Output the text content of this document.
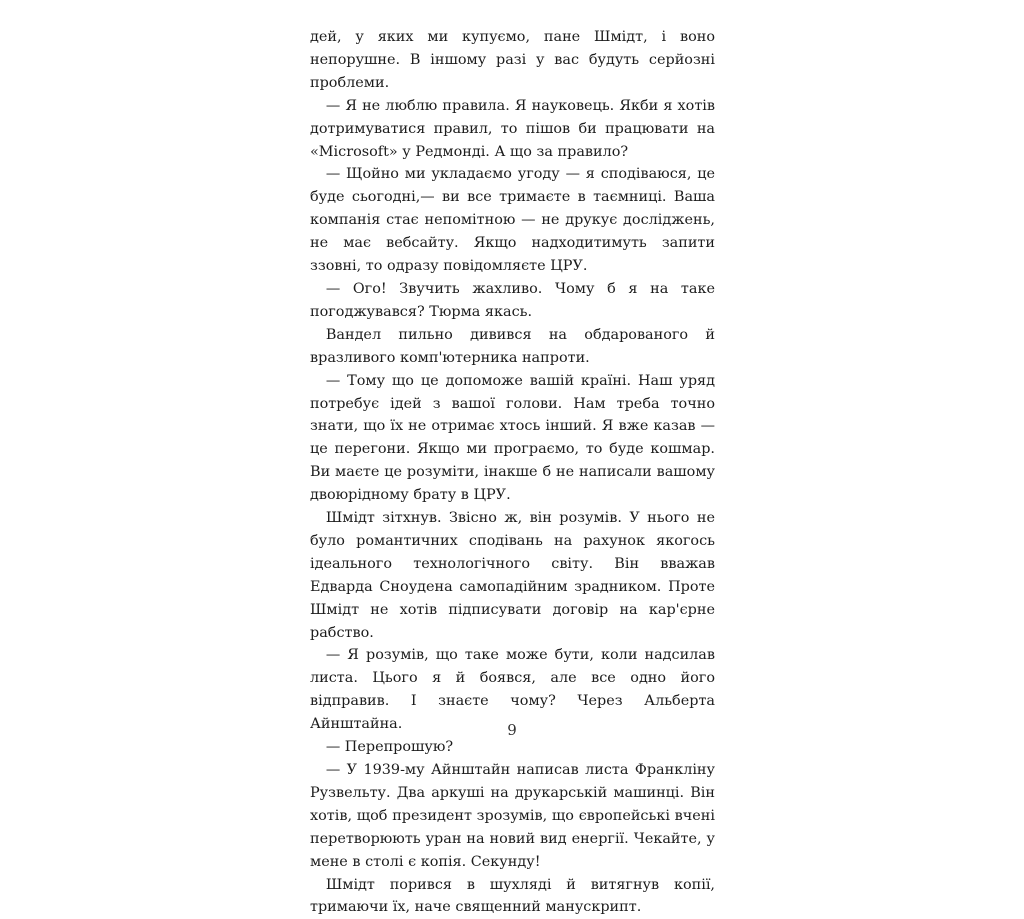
дей, у яких ми купуємо, пане Шмідт, і воно непорушне. В іншому разі у вас будуть серйозні проблеми.

— Я не люблю правила. Я науковець. Якби я хотів дотримуватися правил, то пішов би працювати на «Microsoft» у Редмонді. А що за правило?

— Щойно ми укладаємо угоду — я сподіваюся, це буде сьогодні,— ви все тримаєте в таємниці. Ваша компанія стає непомітною — не друкує досліджень, не має вебсайту. Якщо надходитимуть запити ззовні, то одразу повідомляєте ЦРУ.

— Ого! Звучить жахливо. Чому б я на таке погоджувався? Тюрма якась.

Вандел пильно дивився на обдарованого й вразливого комп'ютерника напроти.

— Тому що це допоможе вашій країні. Наш уряд потребує ідей з вашої голови. Нам треба точно знати, що їх не отримає хтось інший. Я вже казав — це перегони. Якщо ми програємо, то буде кошмар. Ви маєте це розуміти, інакше б не написали вашому двоюрідному брату в ЦРУ.

Шмідт зітхнув. Звісно ж, він розумів. У нього не було романтичних сподівань на рахунок якогось ідеального технологічного світу. Він вважав Едварда Сноудена самопадійним зрадником. Проте Шмідт не хотів підписувати договір на кар'єрне рабство.

— Я розумів, що таке може бути, коли надсилав листа. Цього я й боявся, але все одно його відправив. І знаєте чому? Через Альберта Айнштайна.

— Перепрошую?

— У 1939-му Айнштайн написав листа Франкліну Рузвельту. Два аркуші на друкарській машинці. Він хотів, щоб президент зрозумів, що європейські вчені перетворюють уран на новий вид енергії. Чекайте, у мене в столі є копія. Секунду!

Шмідт порився в шухляді й витягнув копії, тримаючи їх, наче священний манускрипт.

9
